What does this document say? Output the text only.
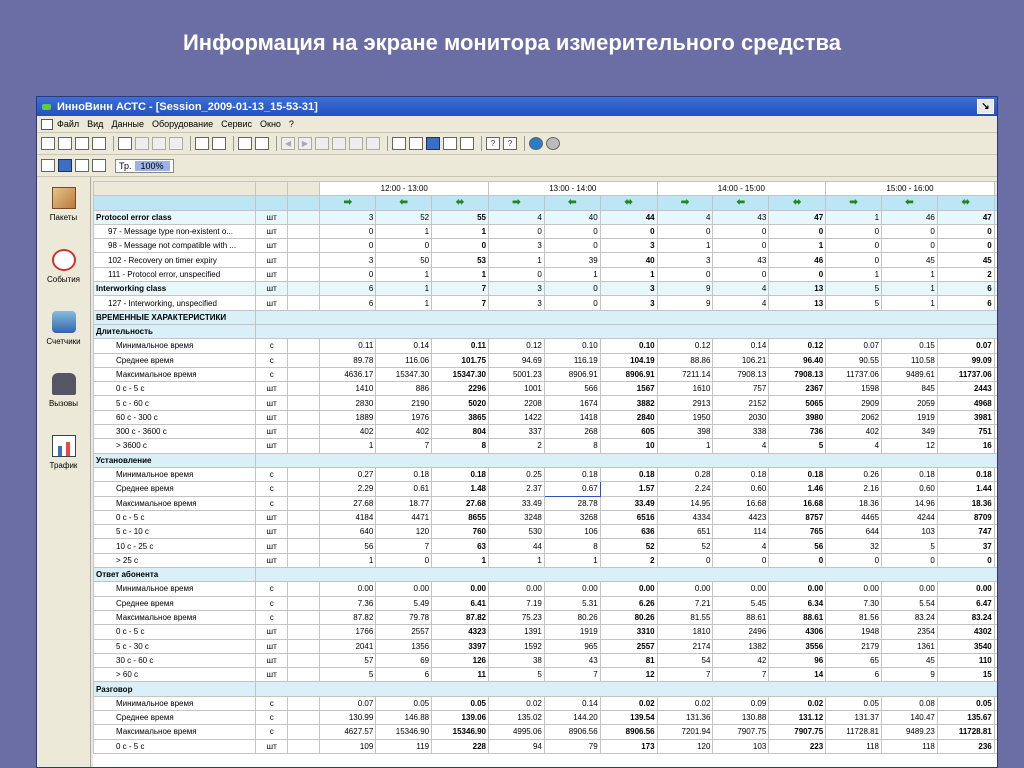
Информация на экране монитора измерительного средства
ИнноВинн АСТС - [Session_2009-01-13_15-53-31]	↘
Файл Вид Данные Оборудование Сервис Окно ?
◀	▶	?	?
Тр.	100%
Пакеты
События
Счетчики
Вызовы
Трафик
			12:00 - 13:00			13:00 - 14:00			14:00 - 15:00			15:00 - 16:00			
			➡	⬅	⬌	➡	⬅	⬌	➡	⬅	⬌	➡	⬅	⬌	
Protocol error class	шт		3	52	55	4	40	44	4	43	47	1	46	47	
97 - Message type non-existent o...	шт		0	1	1	0	0	0	0	0	0	0	0	0	
98 - Message not compatible with ...	шт		0	0	0	3	0	3	1	0	1	0	0	0	
102 - Recovery on timer expiry	шт		3	50	53	1	39	40	3	43	46	0	45	45	
111 - Protocol error, unspecified	шт		0	1	1	0	1	1	0	0	0	1	1	2	
Interworking class	шт		6	1	7	3	0	3	9	4	13	5	1	6	
127 - Interworking, unspecified	шт		6	1	7	3	0	3	9	4	13	5	1	6	
ВРЕМЕННЫЕ ХАРАКТЕРИСТИКИ															
Длительность															
Минимальное время	с		0.11	0.14	0.11	0.12	0.10	0.10	0.12	0.14	0.12	0.07	0.15	0.07	
Среднее время	с		89.78	116.06	101.75	94.69	116.19	104.19	88.86	106.21	96.40	90.55	110.58	99.09	
Максимальное время	с		4636.17	15347.30	15347.30	5001.23	8906.91	8906.91	7211.14	7908.13	7908.13	11737.06	9489.61	11737.06	
0 с - 5 с	шт		1410	886	2296	1001	566	1567	1610	757	2367	1598	845	2443	
5 с - 60 с	шт		2830	2190	5020	2208	1674	3882	2913	2152	5065	2909	2059	4968	
60 с - 300 с	шт		1889	1976	3865	1422	1418	2840	1950	2030	3980	2062	1919	3981	
300 с - 3600 с	шт		402	402	804	337	268	605	398	338	736	402	349	751	
> 3600 с	шт		1	7	8	2	8	10	1	4	5	4	12	16	
Установление															
Минимальное время	с		0.27	0.18	0.18	0.25	0.18	0.18	0.28	0.18	0.18	0.26	0.18	0.18	
Среднее время	с		2.29	0.61	1.48	2.37	0.67	1.57	2.24	0.60	1.46	2.16	0.60	1.44	
Максимальное время	с		27.68	18.77	27.68	33.49	28.78	33.49	14.95	16.68	16.68	18.36	14.96	18.36	
0 с - 5 с	шт		4184	4471	8655	3248	3268	6516	4334	4423	8757	4465	4244	8709	
5 с - 10 с	шт		640	120	760	530	106	636	651	114	765	644	103	747	
10 с - 25 с	шт		56	7	63	44	8	52	52	4	56	32	5	37	
> 25 с	шт		1	0	1	1	1	2	0	0	0	0	0	0	
Ответ абонента															
Минимальное время	с		0.00	0.00	0.00	0.00	0.00	0.00	0.00	0.00	0.00	0.00	0.00	0.00	
Среднее время	с		7.36	5.49	6.41	7.19	5.31	6.26	7.21	5.45	6.34	7.30	5.54	6.47	
Максимальное время	с		87.82	79.78	87.82	75.23	80.26	80.26	81.55	88.61	88.61	81.56	83.24	83.24	
0 с - 5 с	шт		1766	2557	4323	1391	1919	3310	1810	2496	4306	1948	2354	4302	
5 с - 30 с	шт		2041	1356	3397	1592	965	2557	2174	1382	3556	2179	1361	3540	
30 с - 60 с	шт		57	69	126	38	43	81	54	42	96	65	45	110	
> 60 с	шт		5	6	11	5	7	12	7	7	14	6	9	15	
Разговор															
Минимальное время	с		0.07	0.05	0.05	0.02	0.14	0.02	0.02	0.09	0.02	0.05	0.08	0.05	
Среднее время	с		130.99	146.88	139.06	135.02	144.20	139.54	131.36	130.88	131.12	131.37	140.47	135.67	
Максимальное время	с		4627.57	15346.90	15346.90	4995.06	8906.56	8906.56	7201.94	7907.75	7907.75	11728.81	9489.23	11728.81	
0 с - 5 с	шт		109	119	228	94	79	173	120	103	223	118	118	236	
